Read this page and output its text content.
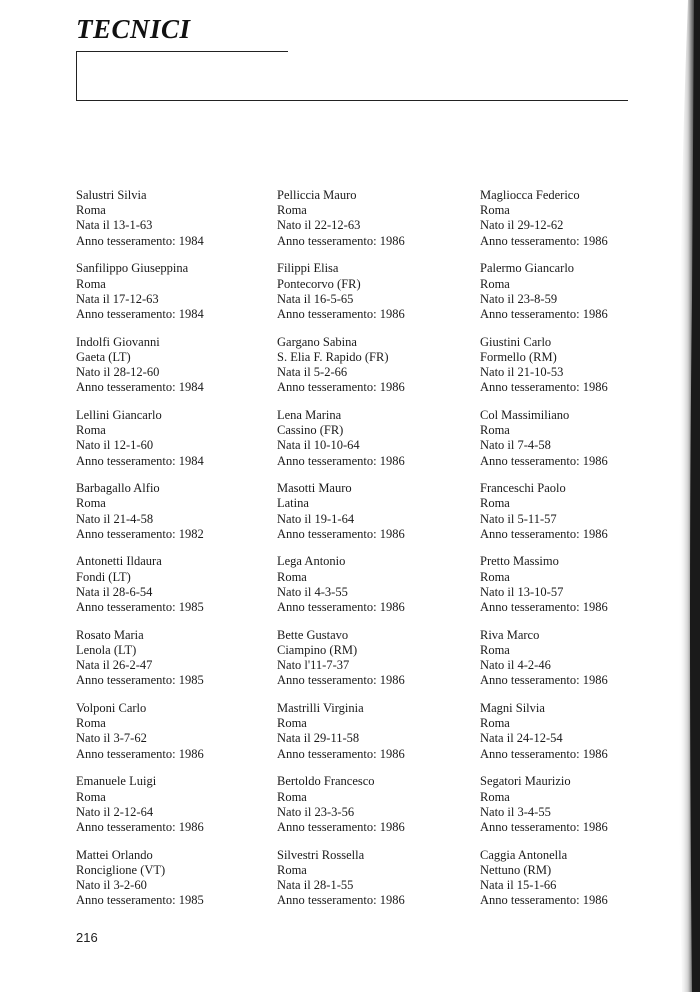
TECNICI
Salustri Silvia
Roma
Nata il 13-1-63
Anno tesseramento: 1984
Sanfilippo Giuseppina
Roma
Nata il 17-12-63
Anno tesseramento: 1984
Indolfi Giovanni
Gaeta (LT)
Nato il 28-12-60
Anno tesseramento: 1984
Lellini Giancarlo
Roma
Nato il 12-1-60
Anno tesseramento: 1984
Barbagallo Alfio
Roma
Nato il 21-4-58
Anno tesseramento: 1982
Antonetti Ildaura
Fondi (LT)
Nata il 28-6-54
Anno tesseramento: 1985
Rosato Maria
Lenola (LT)
Nata il 26-2-47
Anno tesseramento: 1985
Volponi Carlo
Roma
Nato il 3-7-62
Anno tesseramento: 1986
Emanuele Luigi
Roma
Nato il 2-12-64
Anno tesseramento: 1986
Mattei Orlando
Ronciglione (VT)
Nato il 3-2-60
Anno tesseramento: 1985
Pelliccia Mauro
Roma
Nato il 22-12-63
Anno tesseramento: 1986
Filippi Elisa
Pontecorvo (FR)
Nata il 16-5-65
Anno tesseramento: 1986
Gargano Sabina
S. Elia F. Rapido (FR)
Nata il 5-2-66
Anno tesseramento: 1986
Lena Marina
Cassino (FR)
Nata il 10-10-64
Anno tesseramento: 1986
Masotti Mauro
Latina
Nato il 19-1-64
Anno tesseramento: 1986
Lega Antonio
Roma
Nato il 4-3-55
Anno tesseramento: 1986
Bette Gustavo
Ciampino (RM)
Nato l'11-7-37
Anno tesseramento: 1986
Mastrilli Virginia
Roma
Nata il 29-11-58
Anno tesseramento: 1986
Bertoldo Francesco
Roma
Nato il 23-3-56
Anno tesseramento: 1986
Silvestri Rossella
Roma
Nata il 28-1-55
Anno tesseramento: 1986
Magliocca Federico
Roma
Nato il 29-12-62
Anno tesseramento: 1986
Palermo Giancarlo
Roma
Nato il 23-8-59
Anno tesseramento: 1986
Giustini Carlo
Formello (RM)
Nato il 21-10-53
Anno tesseramento: 1986
Col Massimiliano
Roma
Nato il 7-4-58
Anno tesseramento: 1986
Franceschi Paolo
Roma
Nato il 5-11-57
Anno tesseramento: 1986
Pretto Massimo
Roma
Nato il 13-10-57
Anno tesseramento: 1986
Riva Marco
Roma
Nato il 4-2-46
Anno tesseramento: 1986
Magni Silvia
Roma
Nata il 24-12-54
Anno tesseramento: 1986
Segatori Maurizio
Roma
Nato il 3-4-55
Anno tesseramento: 1986
Caggia Antonella
Nettuno (RM)
Nata il 15-1-66
Anno tesseramento: 1986
216
